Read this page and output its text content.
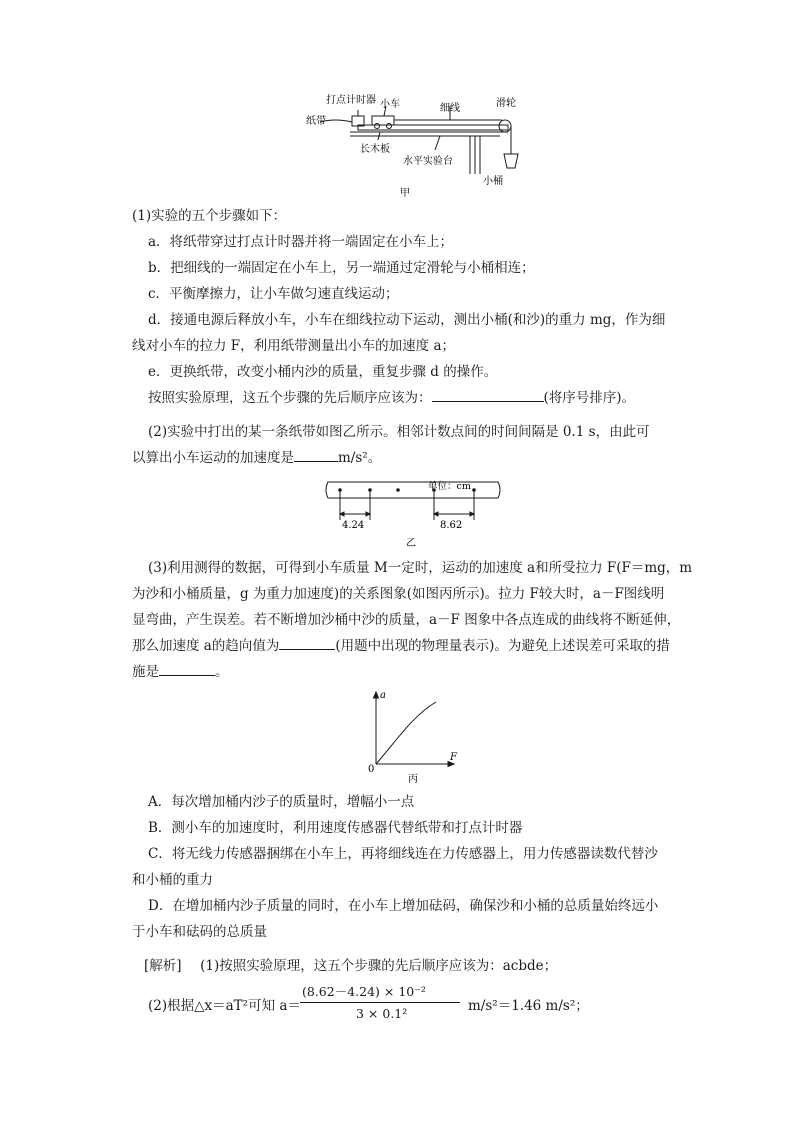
打点计时器 小车	细线	滑轮
纸带
长木板
水平实验台
小桶
甲
(1)实验的五个步骤如下：
a．将纸带穿过打点计时器并将一端固定在小车上；
b．把细线的一端固定在小车上，另一端通过定滑轮与小桶相连；
c．平衡摩擦力，让小车做匀速直线运动；
d．接通电源后释放小车，小车在细线拉动下运动，测出小桶(和沙)的重力 mg，作为细
线对小车的拉力 F，利用纸带测量出小车的加速度 a；
e．更换纸带，改变小桶内沙的质量，重复步骤 d 的操作。
按照实验原理，这五个步骤的先后顺序应该为：	(将序号排序)。
(2)实验中打出的某一条纸带如图乙所示。相邻计数点间的时间间隔是 0.1 s，由此可
以算出小车运动的加速度是	m/s²。
单位：cm
4.24	8.62
乙
(3)利用测得的数据，可得到小车质量 M一定时，运动的加速度 a和所受拉力 F(F＝mg，m
为沙和小桶质量，g 为重力加速度)的关系图象(如图丙所示)。拉力 F较大时，a－F图线明
显弯曲，产生误差。若不断增加沙桶中沙的质量，a－F 图象中各点连成的曲线将不断延伸，
那么加速度 a的趋向值为	(用题中出现的物理量表示)。为避免上述误差可采取的措
施是	。
a
F
0
丙
A．每次增加桶内沙子的质量时，增幅小一点
B．测小车的加速度时，利用速度传感器代替纸带和打点计时器
C．将无线力传感器捆绑在小车上，再将细线连在力传感器上，用力传感器读数代替沙
和小桶的重力
D．在增加桶内沙子质量的同时，在小车上增加砝码，确保沙和小桶的总质量始终远小
于小车和砝码的总质量
[解析] (1)按照实验原理，这五个步骤的先后顺序应该为：acbde；
(2)根据△x＝aT²可知 a＝
(8.62－4.24) × 10⁻²
3 × 0.1²	m/s²＝1.46 m/s²；
